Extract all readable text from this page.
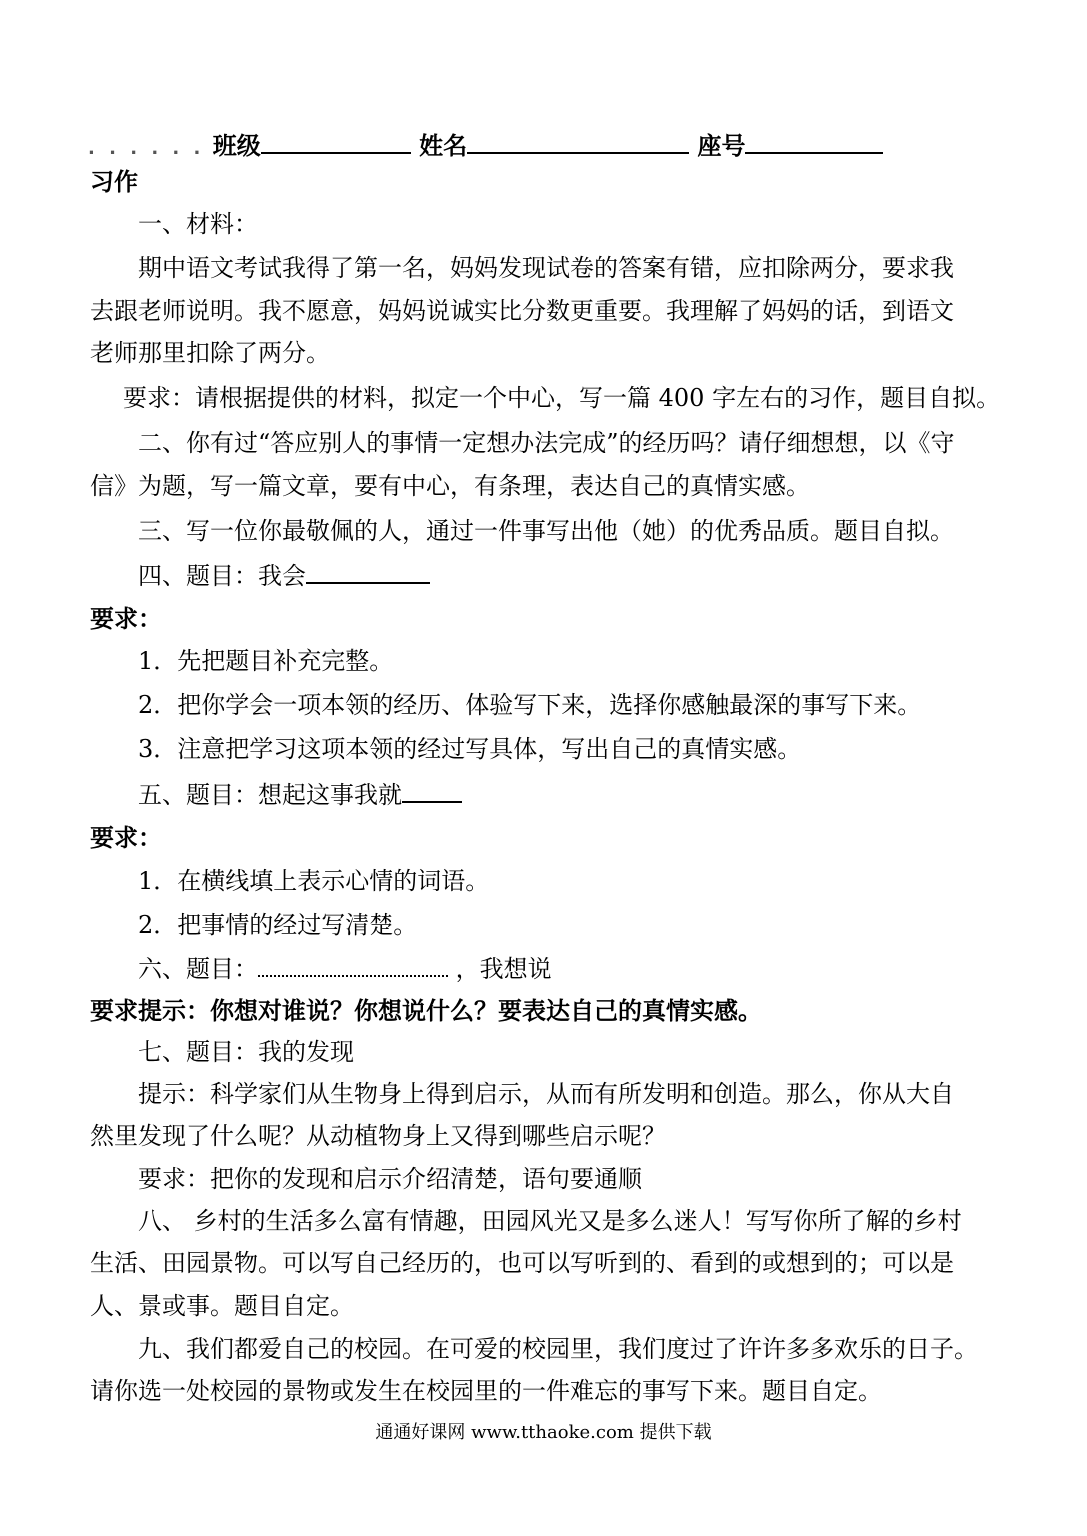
. . . . . . 班级	姓名	座号
习作
一、材料：
期中语文考试我得了第一名，妈妈发现试卷的答案有错，应扣除两分，要求我
去跟老师说明。我不愿意，妈妈说诚实比分数更重要。我理解了妈妈的话，到语文
老师那里扣除了两分。
要求：请根据提供的材料，拟定一个中心，写一篇 400 字左右的习作，题目自拟。
二、你有过“答应别人的事情一定想办法完成”的经历吗？请仔细想想，以《守
信》为题，写一篇文章，要有中心，有条理，表达自己的真情实感。
三、写一位你最敬佩的人，通过一件事写出他（她）的优秀品质。题目自拟。
四、题目：我会
要求：
1．先把题目补充完整。
2．把你学会一项本领的经历、体验写下来，选择你感触最深的事写下来。
3．注意把学习这项本领的经过写具体，写出自己的真情实感。
五、题目：想起这事我就
要求：
1．在横线填上表示心情的词语。
2．把事情的经过写清楚。
六、题目：	，我想说
要求提示：你想对谁说？你想说什么？要表达自己的真情实感。
七、题目：我的发现
提示：科学家们从生物身上得到启示，从而有所发明和创造。那么，你从大自
然里发现了什么呢？从动植物身上又得到哪些启示呢？
要求：把你的发现和启示介绍清楚，语句要通顺
八、 乡村的生活多么富有情趣，田园风光又是多么迷人！写写你所了解的乡村
生活、田园景物。可以写自己经历的，也可以写听到的、看到的或想到的；可以是
人、景或事。题目自定。
九、我们都爱自己的校园。在可爱的校园里，我们度过了许许多多欢乐的日子。
请你选一处校园的景物或发生在校园里的一件难忘的事写下来。题目自定。
通通好课网 www.tthaoke.com 提供下载
